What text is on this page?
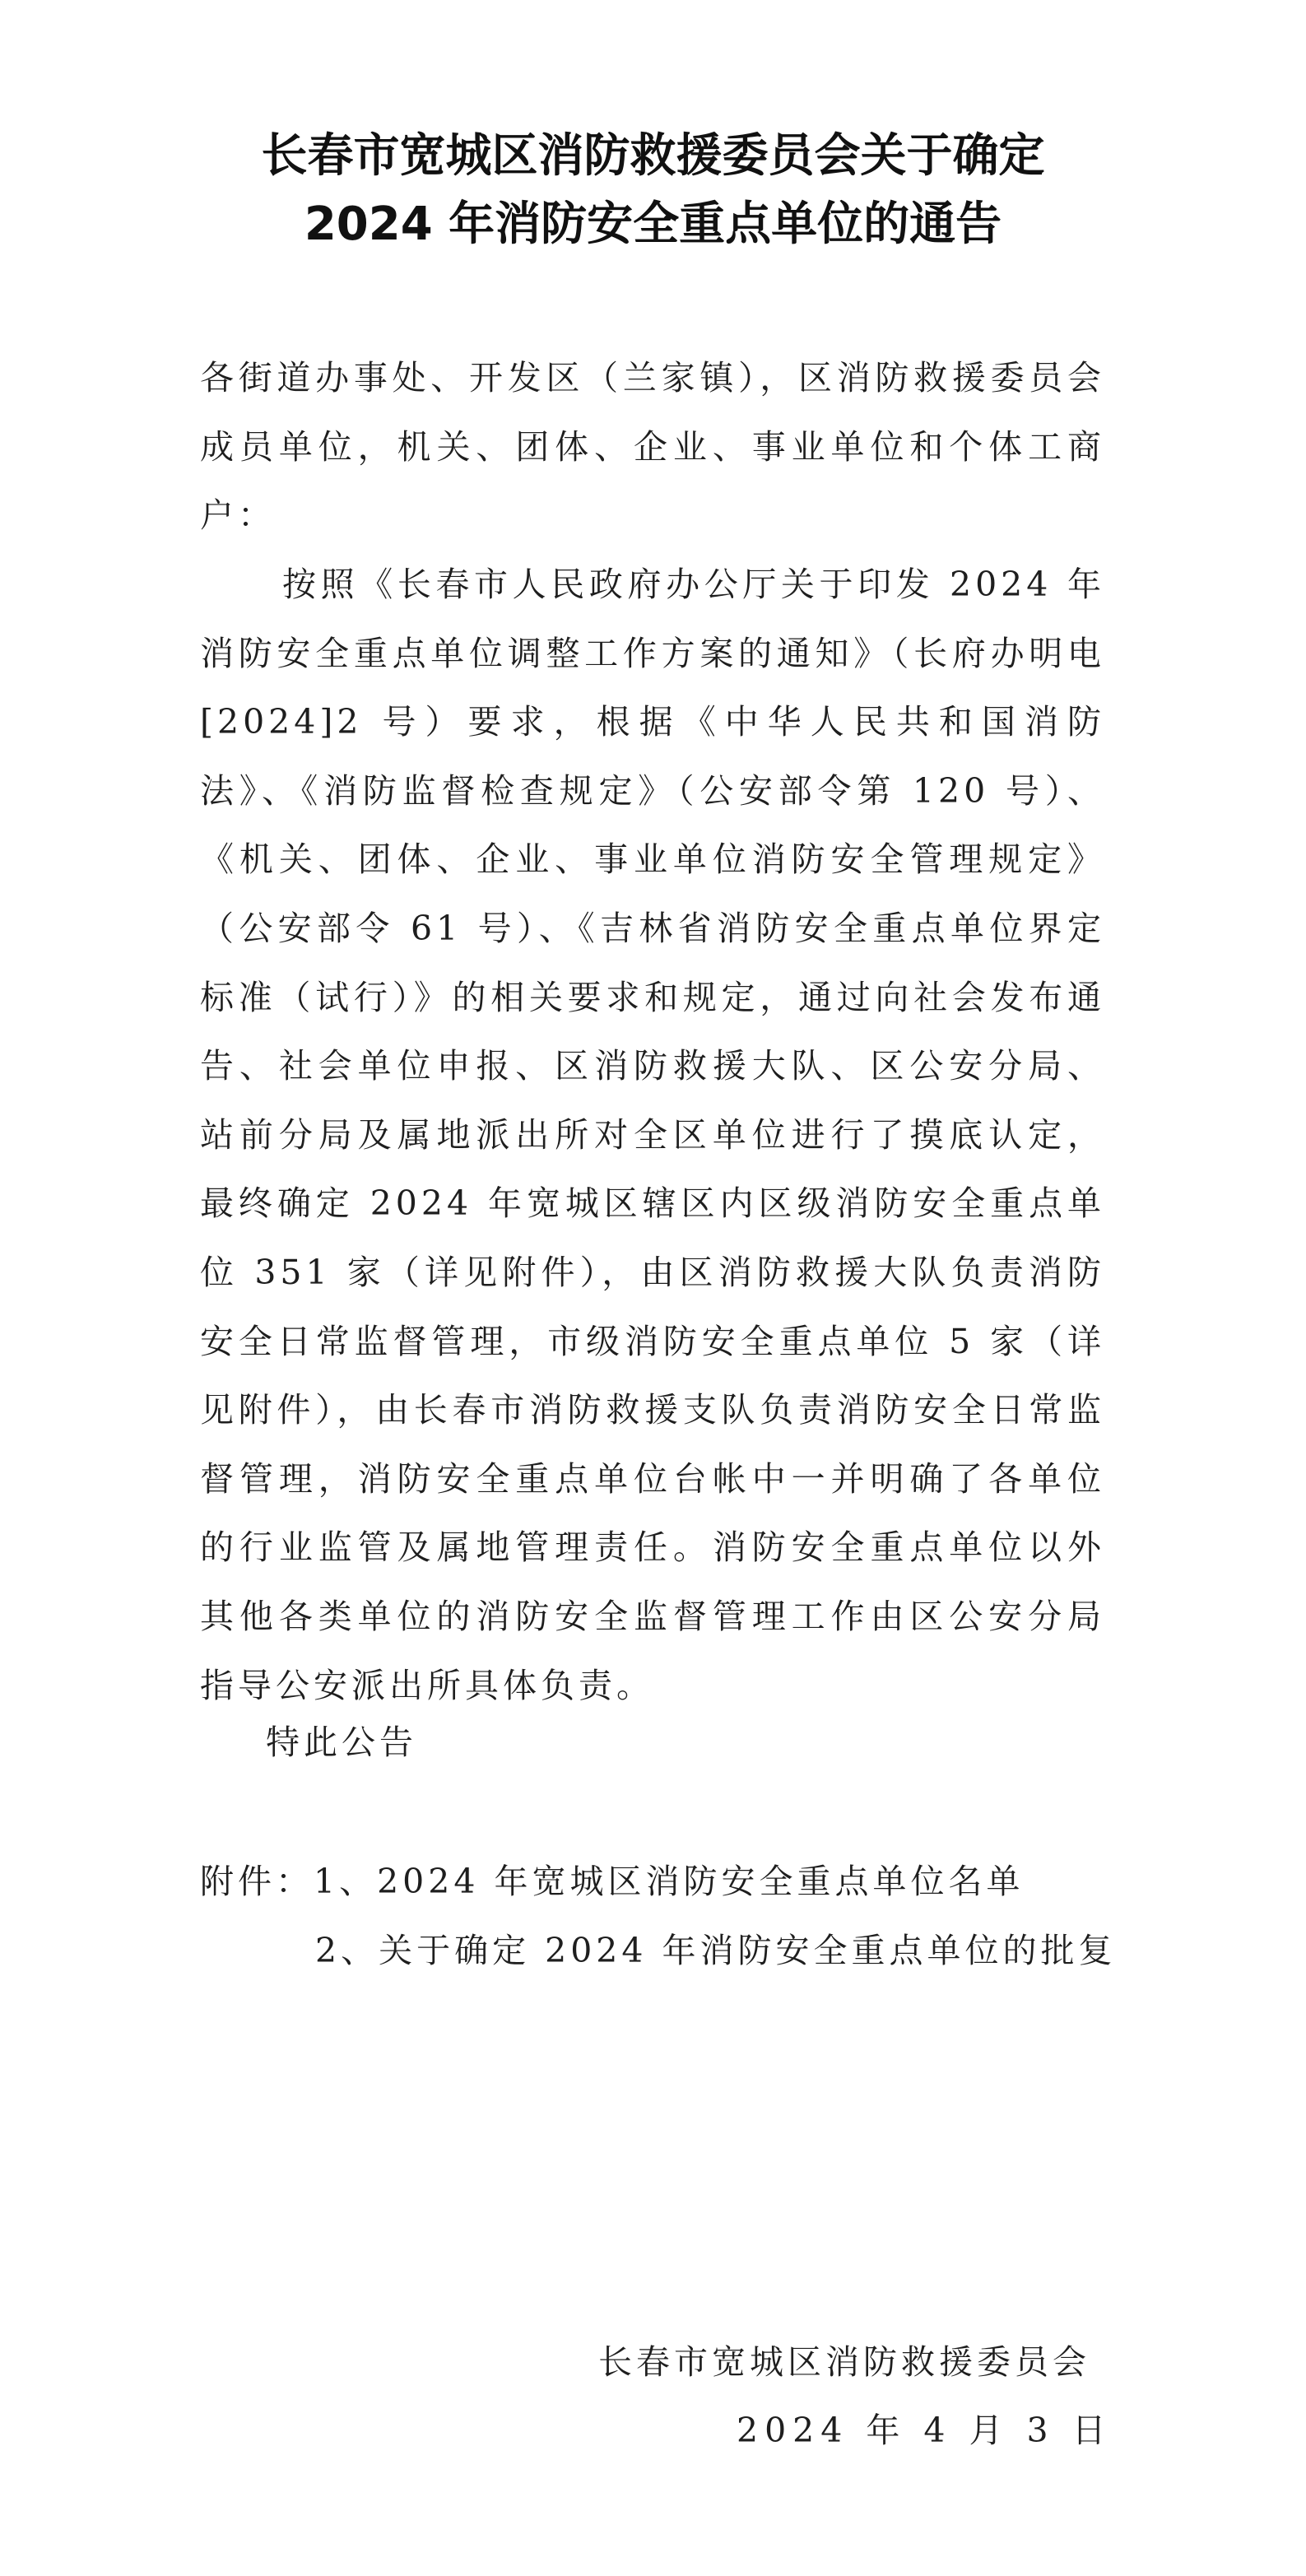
长春市宽城区消防救援委员会关于确定
2024 年消防安全重点单位的通告
各街道办事处、开发区（兰家镇），区消防救援委员会成员单位，机关、团体、企业、事业单位和个体工商户：
按照《长春市人民政府办公厅关于印发 2024 年消防安全重点单位调整工作方案的通知》（长府办明电[2024]2 号）要求，根据《中华人民共和国消防法》、《消防监督检查规定》（公安部令第 120 号）、《机关、团体、企业、事业单位消防安全管理规定》（公安部令 61 号）、《吉林省消防安全重点单位界定标准（试行）》的相关要求和规定，通过向社会发布通告、社会单位申报、区消防救援大队、区公安分局、站前分局及属地派出所对全区单位进行了摸底认定，最终确定 2024 年宽城区辖区内区级消防安全重点单位 351 家（详见附件），由区消防救援大队负责消防安全日常监督管理，市级消防安全重点单位 5 家（详见附件），由长春市消防救援支队负责消防安全日常监督管理，消防安全重点单位台帐中一并明确了各单位的行业监管及属地管理责任。消防安全重点单位以外其他各类单位的消防安全监督管理工作由区公安分局指导公安派出所具体负责。
特此公告
附件：1、2024 年宽城区消防安全重点单位名单
2、关于确定 2024 年消防安全重点单位的批复
长春市宽城区消防救援委员会
2024 年 4 月 3 日
